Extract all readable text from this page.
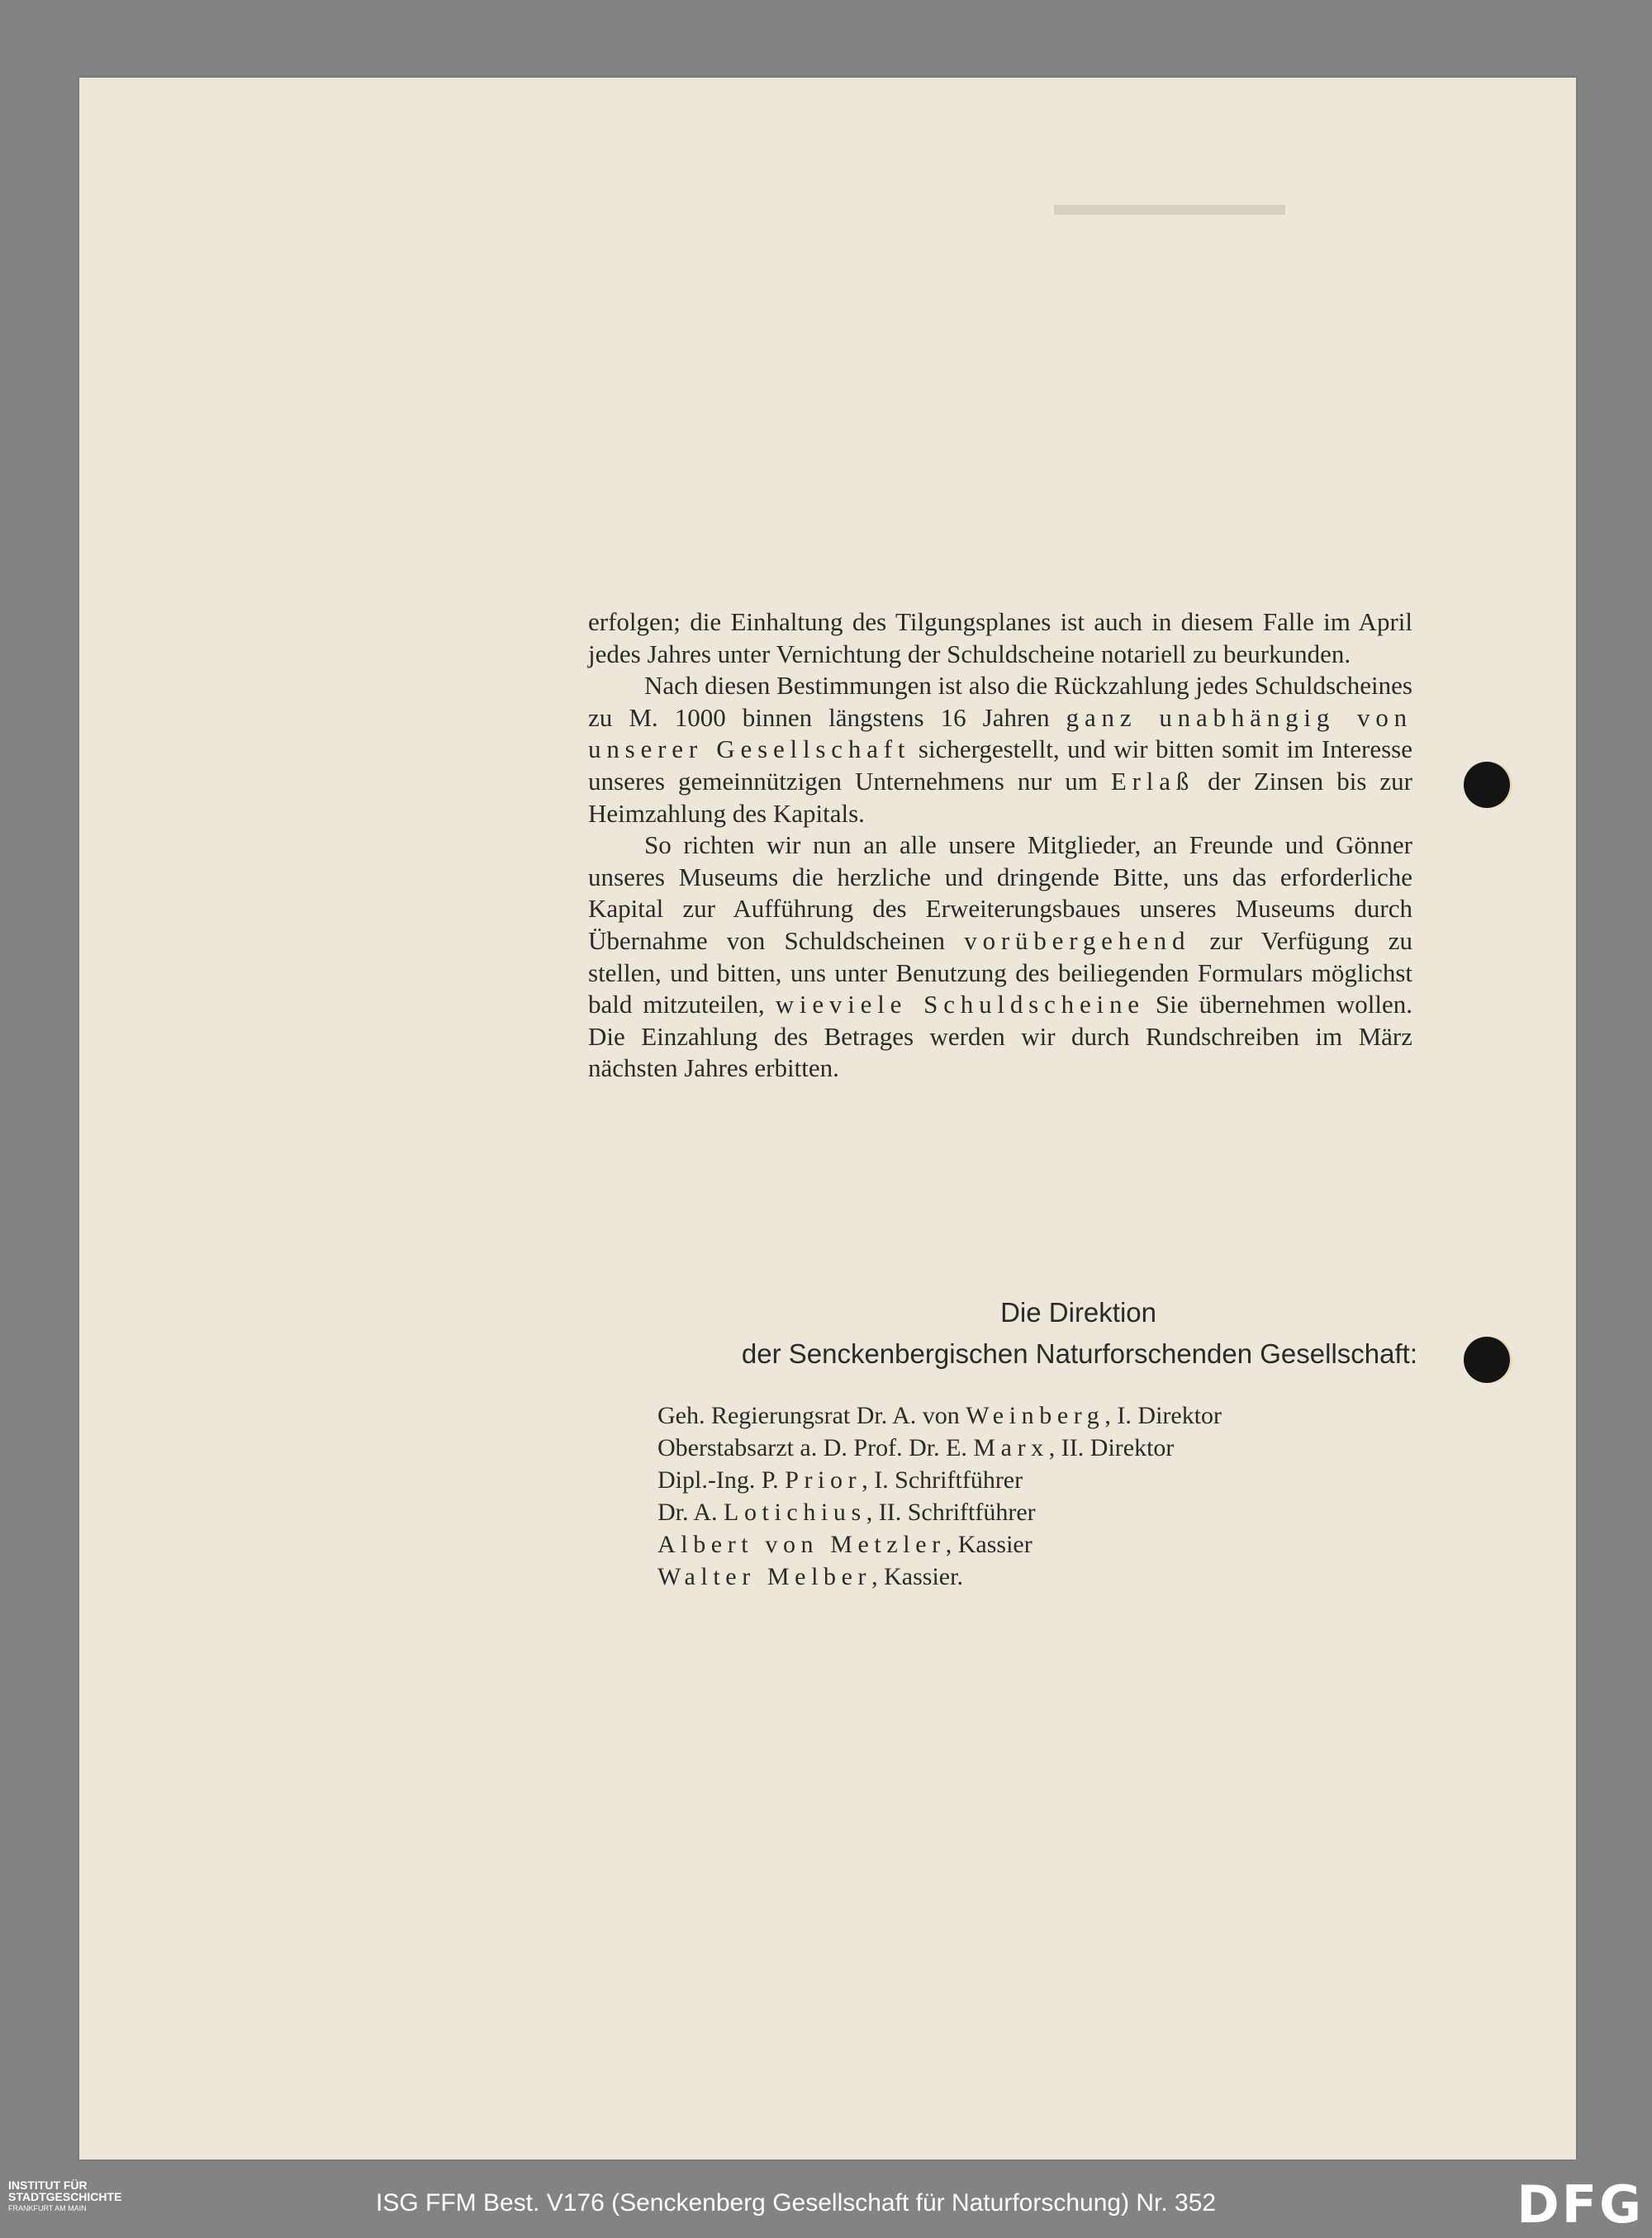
▬▬▬▬▬▬▬

erfolgen; die Einhaltung des Tilgungsplanes ist auch in diesem Falle im April jedes Jahres unter Vernichtung der Schuldscheine notariell zu beurkunden.

Nach diesen Bestimmungen ist also die Rückzahlung jedes Schuldscheines zu M. 1000 binnen längstens 16 Jahren ganz unabhängig von unserer Gesellschaft sichergestellt, und wir bitten somit im Interesse unseres gemeinnützigen Unternehmens nur um Erlaß der Zinsen bis zur Heimzahlung des Kapitals.

So richten wir nun an alle unsere Mitglieder, an Freunde und Gönner unseres Museums die herzliche und dringende Bitte, uns das erforderliche Kapital zur Aufführung des Erweiterungsbaues unseres Museums durch Übernahme von Schuldscheinen vorübergehend zur Verfügung zu stellen, und bitten, uns unter Benutzung des beiliegenden Formulars möglichst bald mitzuteilen, wieviele Schuldscheine Sie übernehmen wollen. Die Einzahlung des Betrages werden wir durch Rundschreiben im März nächsten Jahres erbitten.

Die Direktion
der Senckenbergischen Naturforschenden Gesellschaft:
Geh. Regierungsrat Dr. A. von Weinberg, I. Direktor
Oberstabsarzt a. D. Prof. Dr. E. Marx, II. Direktor
Dipl.-Ing. P. Prior, I. Schriftführer
Dr. A. Lotichius, II. Schriftführer
Albert von Metzler, Kassier
Walter Melber, Kassier.
INSTITUT FÜR
STADTGESCHICHTE
FRANKFURT AM MAIN	ISG FFM Best. V176 (Senckenberg Gesellschaft für Naturforschung) Nr. 352	DFG
